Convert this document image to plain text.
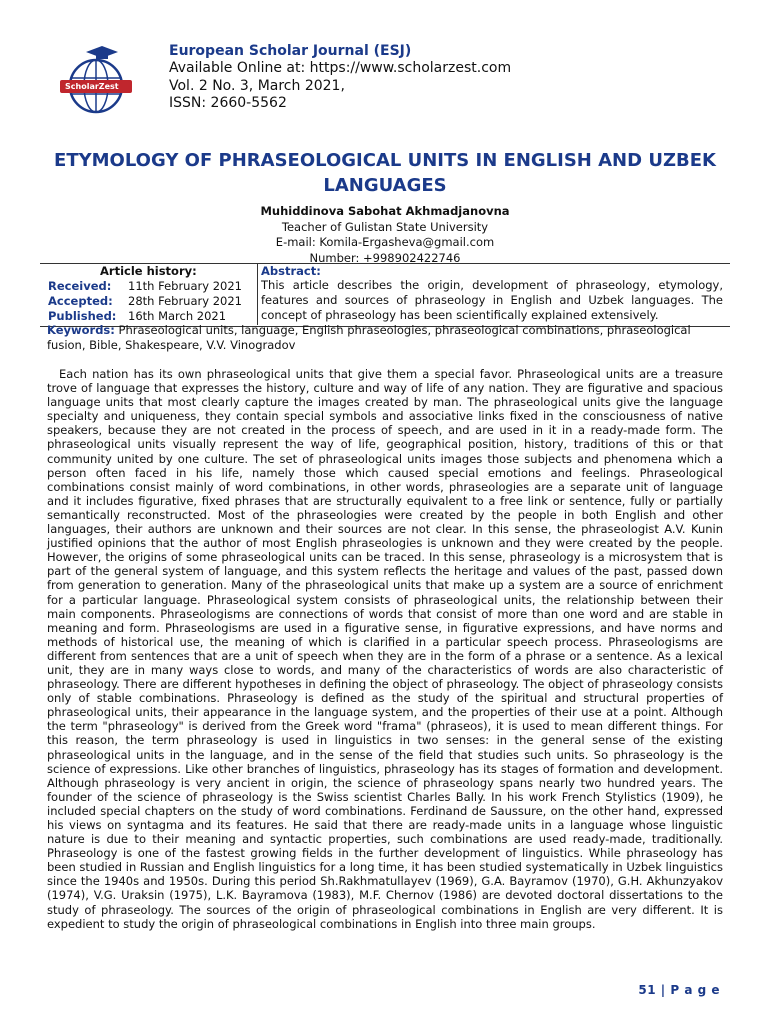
ScholarZest
European Scholar Journal (ESJ)
Available Online at: https://www.scholarzest.com
Vol. 2 No. 3, March 2021,
ISSN: 2660-5562
ETYMOLOGY OF PHRASEOLOGICAL UNITS IN ENGLISH AND UZBEK LANGUAGES
Muhiddinova Sabohat Akhmadjanovna
Teacher of Gulistan State University
E-mail: Komila-Ergasheva@gmail.com
Number: +998902422746
Article history:
Received: 11th February 2021
Accepted: 28th February 2021
Published: 16th March 2021
Abstract:
This article describes the origin, development of phraseology, etymology, features and sources of phraseology in English and Uzbek languages. The concept of phraseology has been scientifically explained extensively.
Keywords: Phraseological units, language, English phraseologies, phraseological combinations, phraseological fusion, Bible, Shakespeare, V.V. Vinogradov

Each nation has its own phraseological units that give them a special favor. Phraseological units are a treasure trove of language that expresses the history, culture and way of life of any nation. They are figurative and spacious language units that most clearly capture the images created by man. The phraseological units give the language specialty and uniqueness, they contain special symbols and associative links fixed in the consciousness of native speakers, because they are not created in the process of speech, and are used in it in a ready-made form. The phraseological units visually represent the way of life, geographical position, history, traditions of this or that community united by one culture. The set of phraseological units images those subjects and phenomena which a person often faced in his life, namely those which caused special emotions and feelings. Phraseological combinations consist mainly of word combinations, in other words, phraseologies are a separate unit of language and it includes figurative, fixed phrases that are structurally equivalent to a free link or sentence, fully or partially semantically reconstructed. Most of the phraseologies were created by the people in both English and other languages, their authors are unknown and their sources are not clear. In this sense, the phraseologist A.V. Kunin justified opinions that the author of most English phraseologies is unknown and they were created by the people. However, the origins of some phraseological units can be traced. In this sense, phraseology is a microsystem that is part of the general system of language, and this system reflects the heritage and values of the past, passed down from generation to generation. Many of the phraseological units that make up a system are a source of enrichment for a particular language. Phraseological system consists of phraseological units, the relationship between their main components. Phraseologisms are connections of words that consist of more than one word and are stable in meaning and form. Phraseologisms are used in a figurative sense, in figurative expressions, and have norms and methods of historical use, the meaning of which is clarified in a particular speech process. Phraseologisms are different from sentences that are a unit of speech when they are in the form of a phrase or a sentence. As a lexical unit, they are in many ways close to words, and many of the characteristics of words are also characteristic of phraseology. There are different hypotheses in defining the object of phraseology. The object of phraseology consists only of stable combinations. Phraseology is defined as the study of the spiritual and structural properties of phraseological units, their appearance in the language system, and the properties of their use at a point. Although the term "phraseology" is derived from the Greek word "frama" (phraseos), it is used to mean different things. For this reason, the term phraseology is used in linguistics in two senses: in the general sense of the existing phraseological units in the language, and in the sense of the field that studies such units. So phraseology is the science of expressions. Like other branches of linguistics, phraseology has its stages of formation and development. Although phraseology is very ancient in origin, the science of phraseology spans nearly two hundred years. The founder of the science of phraseology is the Swiss scientist Charles Bally. In his work French Stylistics (1909), he included special chapters on the study of word combinations. Ferdinand de Saussure, on the other hand, expressed his views on syntagma and its features. He said that there are ready-made units in a language whose linguistic nature is due to their meaning and syntactic properties, such combinations are used ready-made, traditionally. Phraseology is one of the fastest growing fields in the further development of linguistics. While phraseology has been studied in Russian and English linguistics for a long time, it has been studied systematically in Uzbek linguistics since the 1940s and 1950s. During this period Sh.Rakhmatullayev (1969), G.A. Bayramov (1970), G.H. Akhunzyakov (1974), V.G. Uraksin (1975), L.K. Bayramova (1983), M.F. Chernov (1986) are devoted doctoral dissertations to the study of phraseology. The sources of the origin of phraseological combinations in English are very different. It is expedient to study the origin of phraseological combinations in English into three main groups.

51 | P a g e
